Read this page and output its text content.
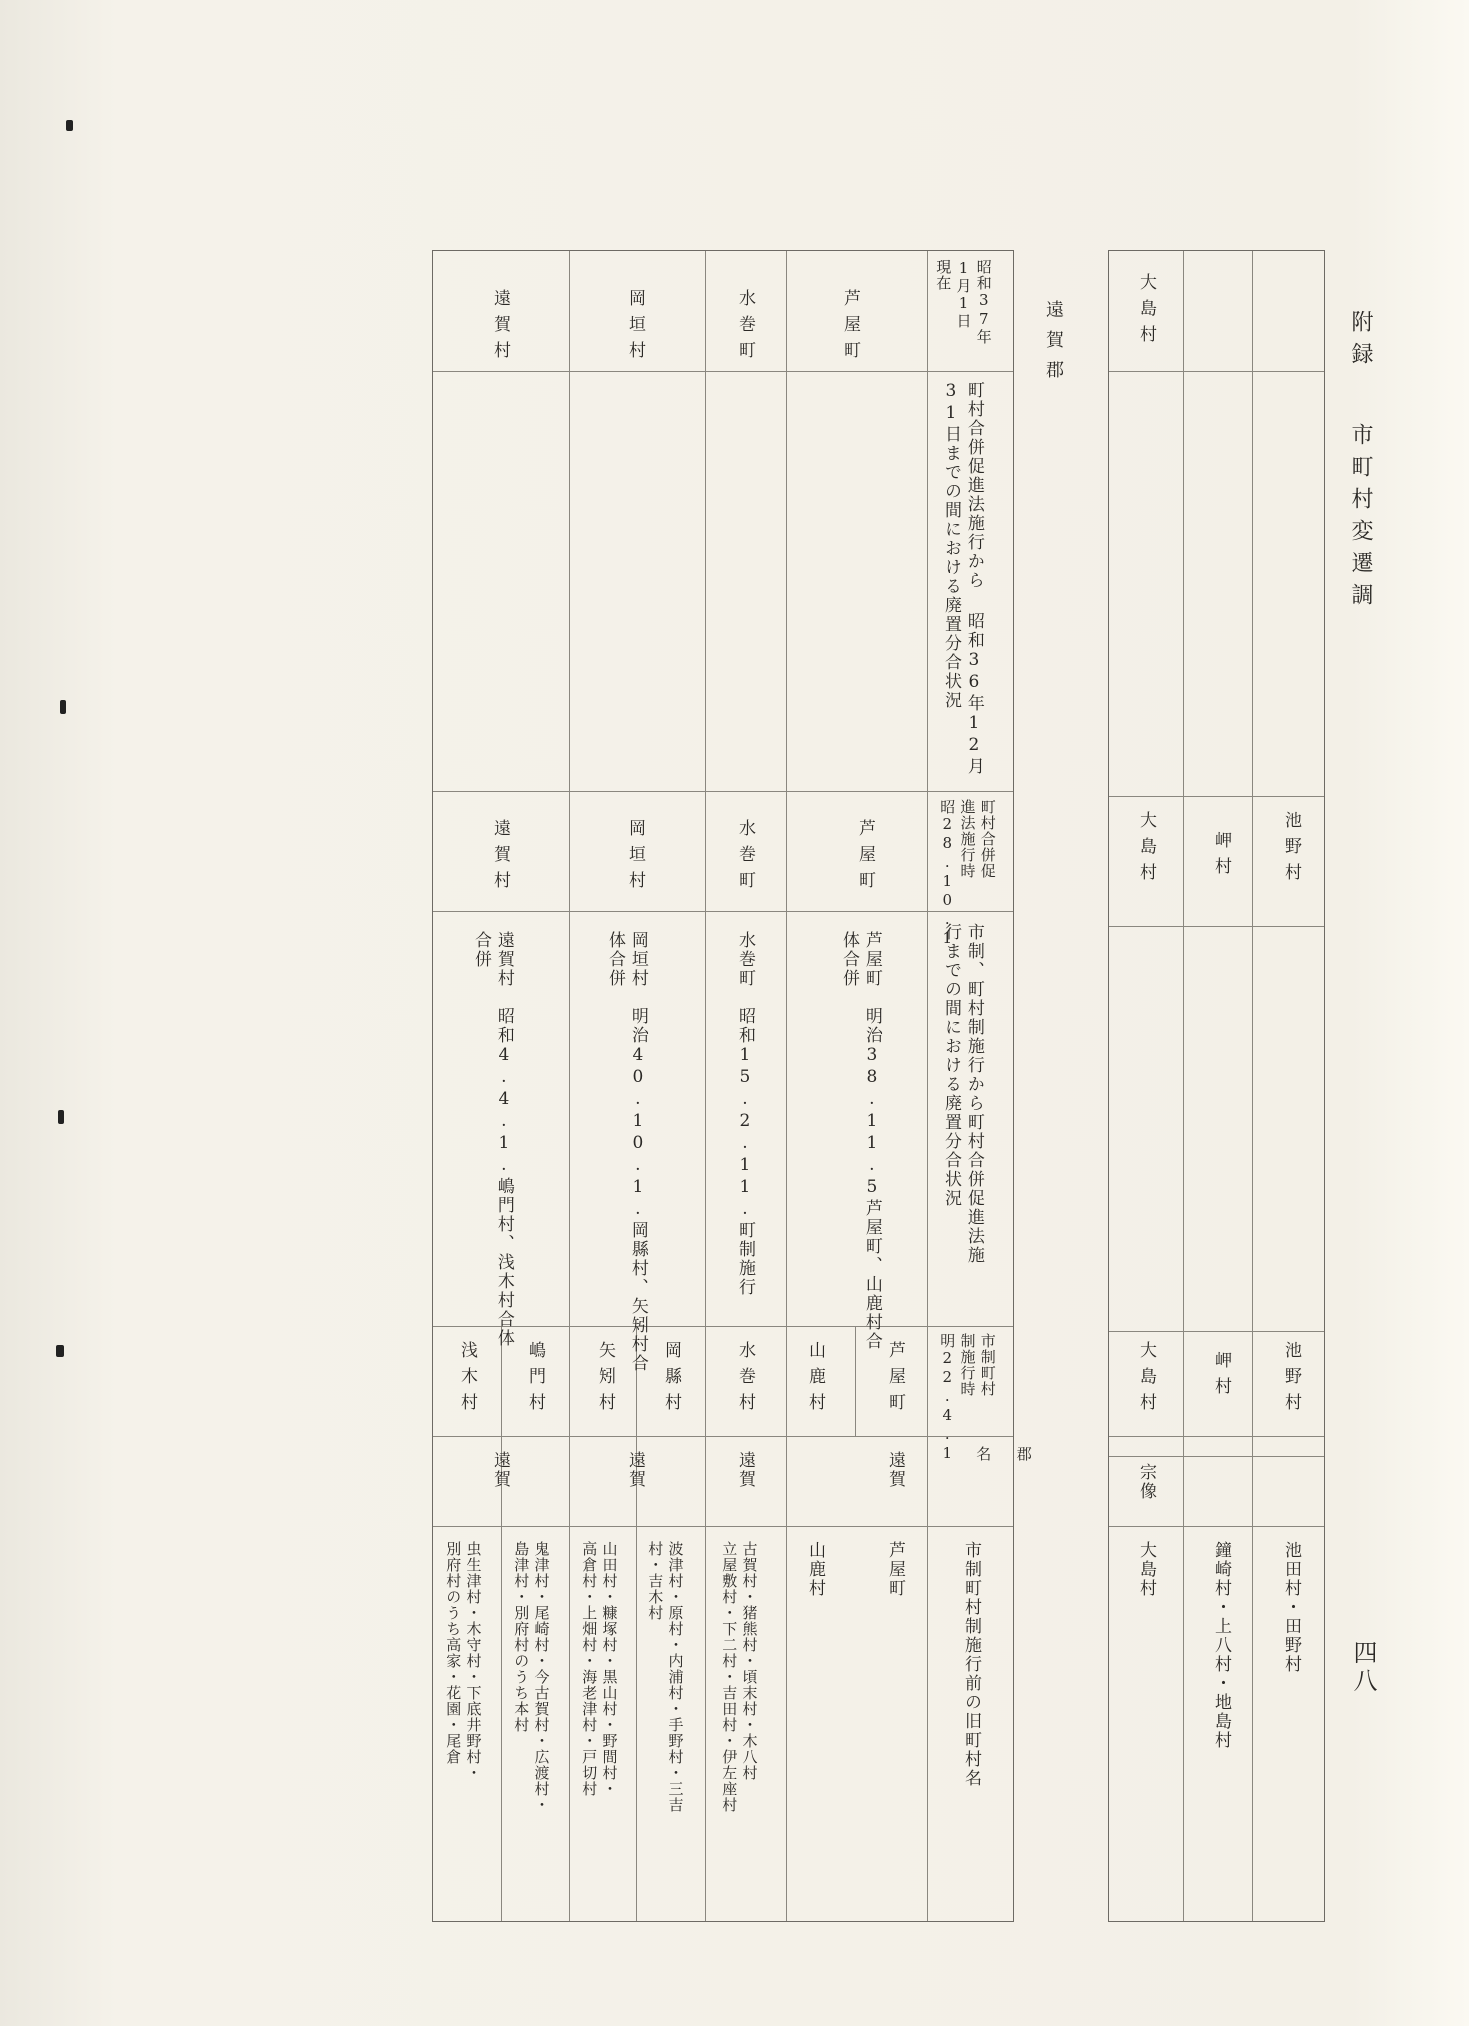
附録 市町村変遷調
四八
大島村
池野村
岬村
大島村
池野村
岬村
大島村
宗像
池田村・田野村
鐘崎村・上八村・地島村
大島村
遠賀郡
昭和37年
1月1日
現在
町村合併促進法施行から 昭和36年12月
31日までの間における廃置分合状況
町村合併促
進法施行時
昭28.10.1
市制、町村制施行から町村合併促進法施
行までの間における廃置分合状況
市制町村
制施行時
明22.4.1	郡

名
市制町村制施行前の旧町村名
芦屋町
芦屋町
芦屋町　明治38.11.5芦屋町、山鹿村合
体合併
芦屋町
山鹿村
遠賀
芦屋町
山鹿村
水巻町
水巻町
水巻町　昭和15.2.11.町制施行
水巻村
遠賀
古賀村・猪熊村・頃末村・木八村
立屋敷村・下二村・吉田村・伊左座村
岡垣村
岡垣村
岡垣村　明治40.10.1.岡縣村、矢矧村合
体合併
岡縣村
矢矧村
遠賀
波津村・原村・内浦村・手野村・三吉
村・吉木村
山田村・糠塚村・黒山村・野間村・
高倉村・上畑村・海老津村・戸切村
遠賀村
遠賀村
遠賀村　昭和4.4.1.嶋門村、浅木村合体
合併
嶋門村
浅木村
遠賀
鬼津村・尾崎村・今古賀村・広渡村・
島津村・別府村のうち本村
虫生津村・木守村・下底井野村・
別府村のうち高家・花園・尾倉
